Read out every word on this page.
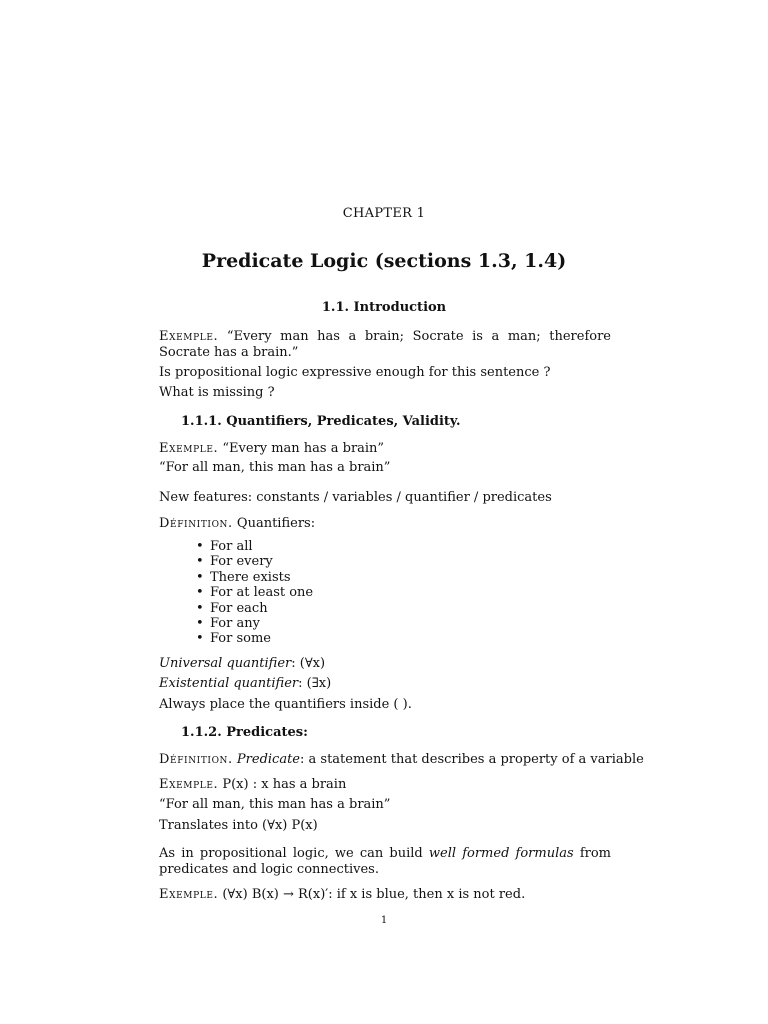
CHAPTER 1
Predicate Logic (sections 1.3, 1.4)
1.1. Introduction
Exemple. “Every man has a brain; Socrate is a man; therefore Socrate has a brain.”
Is propositional logic expressive enough for this sentence ?
What is missing ?
1.1.1. Quantifiers, Predicates, Validity.
Exemple. “Every man has a brain”
“For all man, this man has a brain”
New features: constants / variables / quantifier / predicates
Définition. Quantifiers:
• For all
• For every
• There exists
• For at least one
• For each
• For any
• For some
Universal quantifier: (∀x)
Existential quantifier: (∃x)
Always place the quantifiers inside ( ).
1.1.2. Predicates:
Définition. Predicate: a statement that describes a property of a variable
Exemple. P(x) : x has a brain
“For all man, this man has a brain”
Translates into (∀x) P(x)
As in propositional logic, we can build well formed formulas from predicates and logic connectives.
Exemple. (∀x) B(x) → R(x)′: if x is blue, then x is not red.
1
